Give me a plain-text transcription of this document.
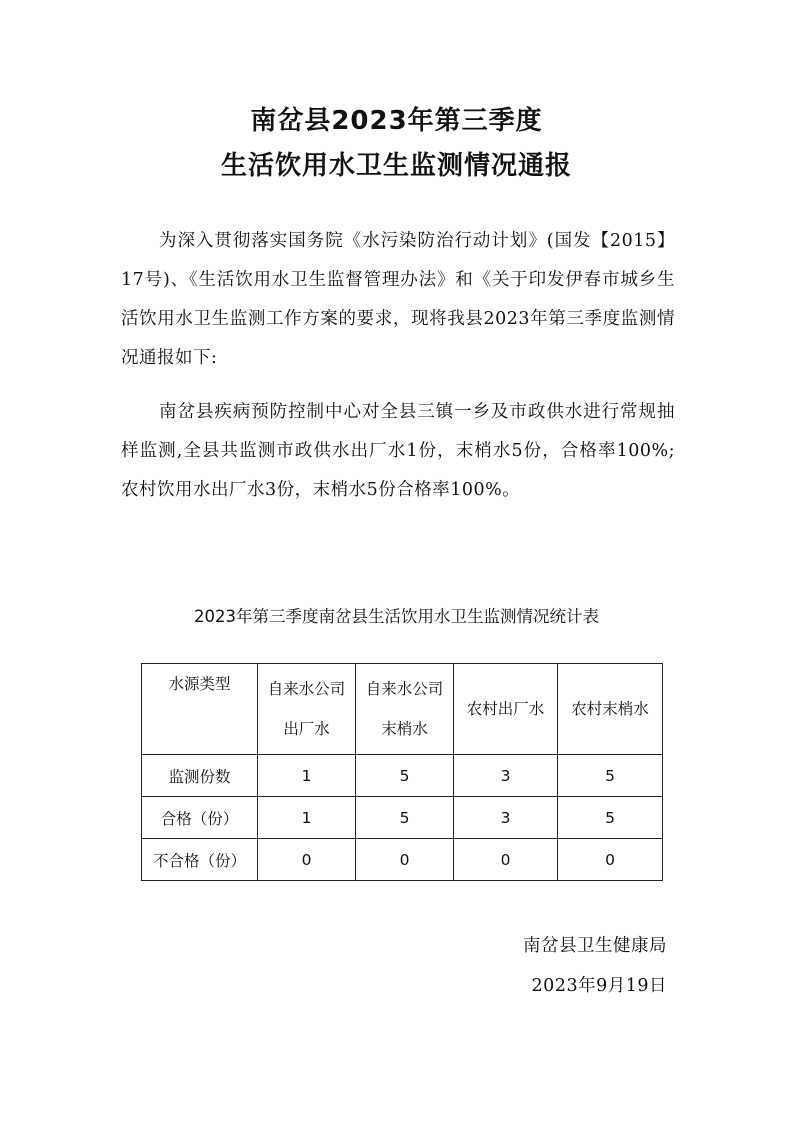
南岔县2023年第三季度
生活饮用水卫生监测情况通报

为深入贯彻落实国务院《水污染防治行动计划》(国发【2015】17号)、《生活饮用水卫生监督管理办法》和《关于印发伊春市城乡生活饮用水卫生监测工作方案的要求，现将我县2023年第三季度监测情况通报如下:

南岔县疾病预防控制中心对全县三镇一乡及市政供水进行常规抽样监测,全县共监测市政供水出厂水1份，末梢水5份，合格率100%;农村饮用水出厂水3份，末梢水5份合格率100%。

2023年第三季度南岔县生活饮用水卫生监测情况统计表
水源类型	自来水公司出厂水	自来水公司末梢水	农村出厂水	农村末梢水
监测份数	1	5	3	5
合格（份）	1	5	3	5
不合格（份）	0	0	0	0
南岔县卫生健康局
2023年9月19日
